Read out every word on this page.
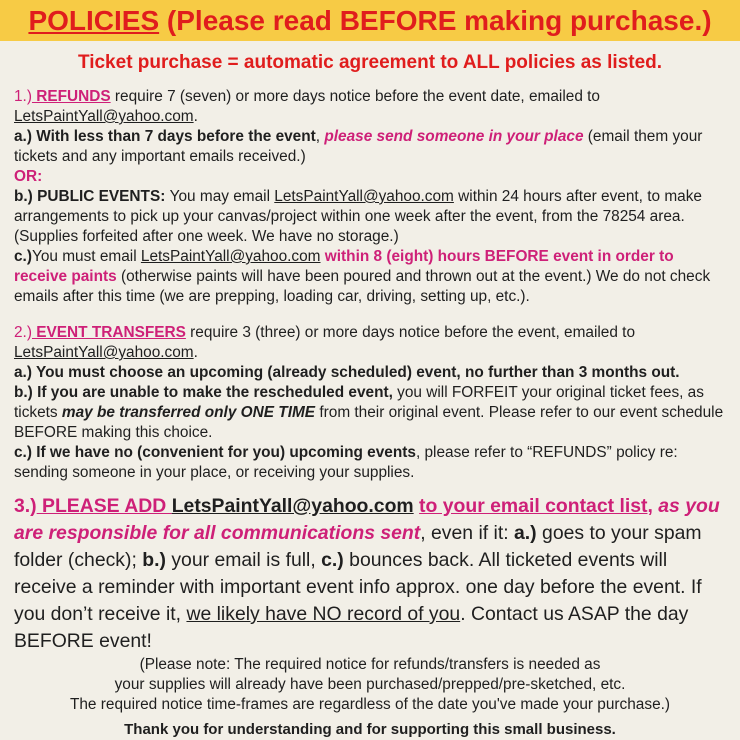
POLICIES (Please read BEFORE making purchase.)

Ticket purchase = automatic agreement to ALL policies as listed.

1.) REFUNDS require 7 (seven) or more days notice before the event date, emailed to
LetsPaintYall@yahoo.com.

a.) With less than 7 days before the event, please send someone in your place (email them your tickets and any important emails received.)

OR:

b.) PUBLIC EVENTS: You may email LetsPaintYall@yahoo.com within 24 hours after event, to make arrangements to pick up your canvas/project within one week after the event, from the 78254 area. (Supplies forfeited after one week. We have no storage.)

c.)You must email LetsPaintYall@yahoo.com within 8 (eight) hours BEFORE event in order to receive paints (otherwise paints will have been poured and thrown out at the event.) We do not check emails after this time (we are prepping, loading car, driving, setting up, etc.).

2.) EVENT TRANSFERS require 3 (three) or more days notice before the event, emailed to
LetsPaintYall@yahoo.com.

a.) You must choose an upcoming (already scheduled) event, no further than 3 months out.

b.) If you are unable to make the rescheduled event, you will FORFEIT your original ticket fees, as tickets may be transferred only ONE TIME from their original event. Please refer to our event schedule BEFORE making this choice.

c.) If we have no (convenient for you) upcoming events, please refer to “REFUNDS” policy re: sending someone in your place, or receiving your supplies.

3.) PLEASE ADD LetsPaintYall@yahoo.com to your email contact list, as you are responsible for all communications sent, even if it: a.) goes to your spam folder (check); b.) your email is full, c.) bounces back. All ticketed events will receive a reminder with important event info approx. one day before the event. If you don’t receive it, we likely have NO record of you. Contact us ASAP the day BEFORE event!

(Please note: The required notice for refunds/transfers is needed as
your supplies will already have been purchased/prepped/pre-sketched, etc.
The required notice time-frames are regardless of the date you've made your purchase.)

Thank you for understanding and for supporting this small business.
